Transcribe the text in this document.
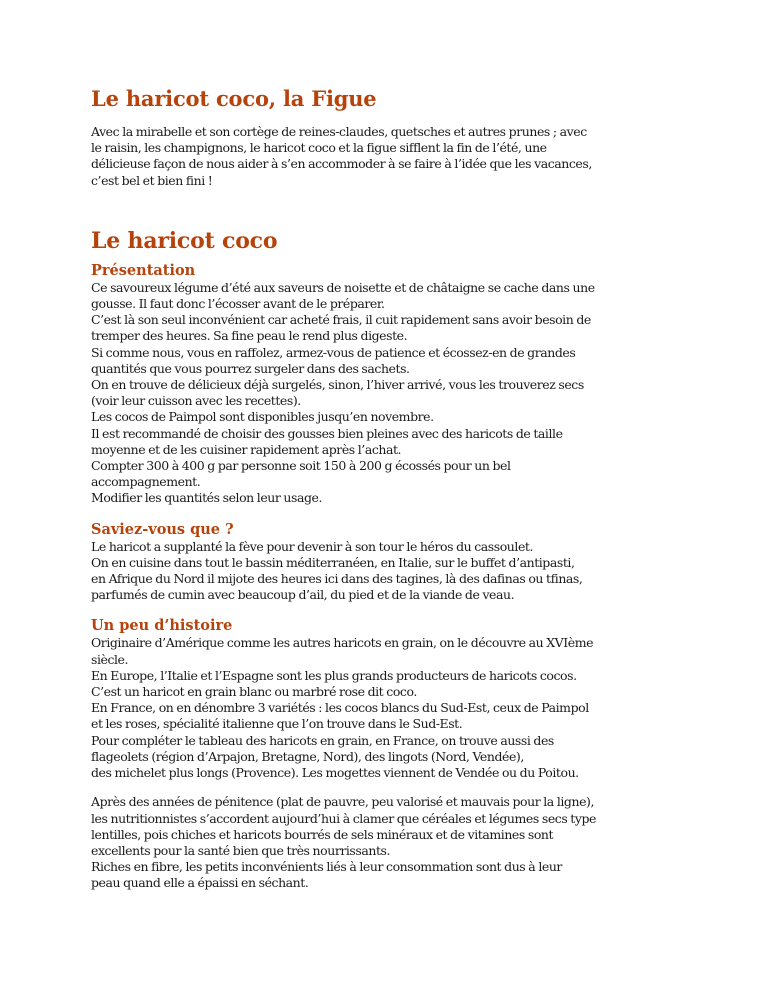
Le haricot coco, la Figue

Avec la mirabelle et son cortège de reines-claudes, quetsches et autres prunes ; avec
le raisin, les champignons, le haricot coco et la figue sifflent la fin de l’été, une
délicieuse façon de nous aider à s’en accommoder à se faire à l’idée que les vacances,
c’est bel et bien fini !

Le haricot coco
Présentation

Ce savoureux légume d’été aux saveurs de noisette et de châtaigne se cache dans une
gousse. Il faut donc l’écosser avant de le préparer.
C’est là son seul inconvénient car acheté frais, il cuit rapidement sans avoir besoin de
tremper des heures. Sa fine peau le rend plus digeste.
Si comme nous, vous en raffolez, armez-vous de patience et écossez-en de grandes
quantités que vous pourrez surgeler dans des sachets.
On en trouve de délicieux déjà surgelés, sinon, l’hiver arrivé, vous les trouverez secs
(voir leur cuisson avec les recettes).
Les cocos de Paimpol sont disponibles jusqu’en novembre.
Il est recommandé de choisir des gousses bien pleines avec des haricots de taille
moyenne et de les cuisiner rapidement après l’achat.
Compter 300 à 400 g par personne soit 150 à 200 g écossés pour un bel
accompagnement.
Modifier les quantités selon leur usage.

Saviez-vous que ?

Le haricot a supplanté la fève pour devenir à son tour le héros du cassoulet.
On en cuisine dans tout le bassin méditerranéen, en Italie, sur le buffet d’antipasti,
en Afrique du Nord il mijote des heures ici dans des tagines, là des dafinas ou tfinas,
parfumés de cumin avec beaucoup d’ail, du pied et de la viande de veau.

Un peu d’histoire

Originaire d’Amérique comme les autres haricots en grain, on le découvre au XVIème
siècle.
En Europe, l’Italie et l’Espagne sont les plus grands producteurs de haricots cocos.
C’est un haricot en grain blanc ou marbré rose dit coco.
En France, on en dénombre 3 variétés : les cocos blancs du Sud-Est, ceux de Paimpol
et les roses, spécialité italienne que l’on trouve dans le Sud-Est.
Pour compléter le tableau des haricots en grain, en France, on trouve aussi des
flageolets (région d’Arpajon, Bretagne, Nord), des lingots (Nord, Vendée),
des michelet plus longs (Provence). Les mogettes viennent de Vendée ou du Poitou.

Après des années de pénitence (plat de pauvre, peu valorisé et mauvais pour la ligne),
les nutritionnistes s’accordent aujourd’hui à clamer que céréales et légumes secs type
lentilles, pois chiches et haricots bourrés de sels minéraux et de vitamines sont
excellents pour la santé bien que très nourrissants.
Riches en fibre, les petits inconvénients liés à leur consommation sont dus à leur
peau quand elle a épaissi en séchant.
